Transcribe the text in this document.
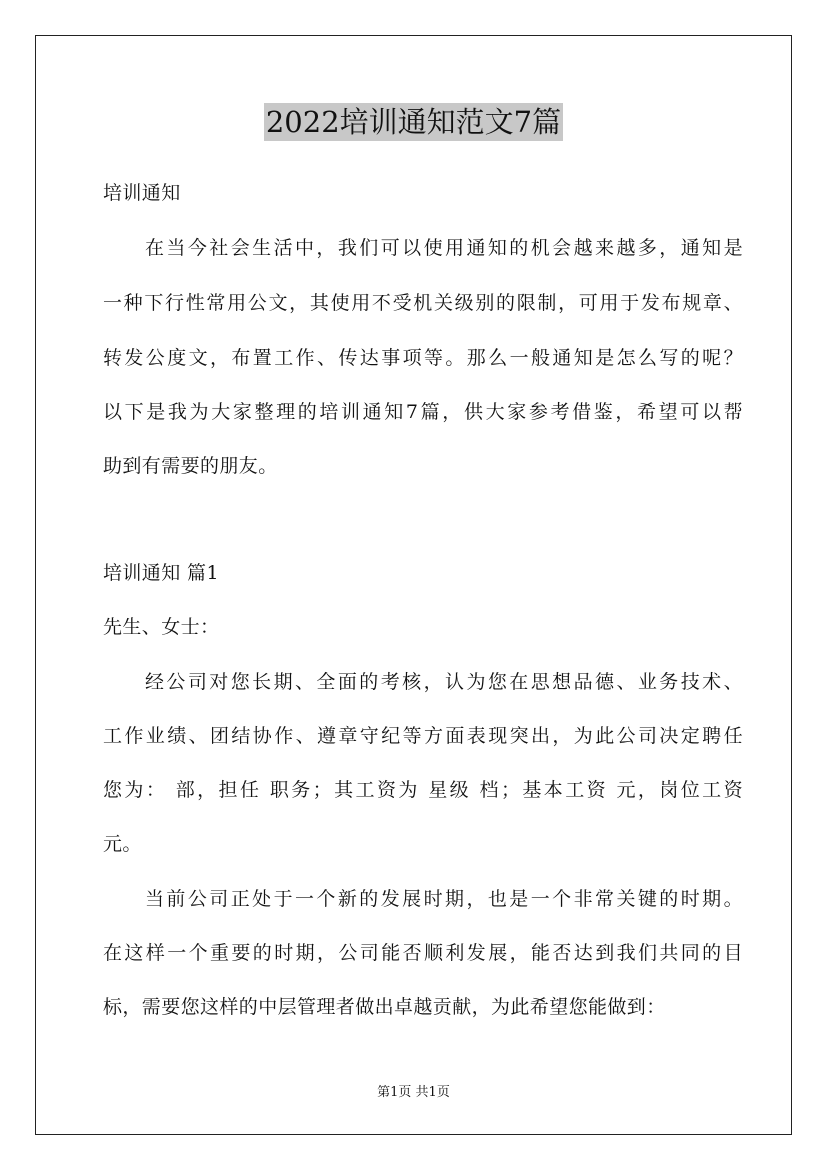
2022培训通知范文7篇
培训通知
在当今社会生活中，我们可以使用通知的机会越来越多，通知是
一种下行性常用公文，其使用不受机关级别的限制，可用于发布规章、
转发公度文，布置工作、传达事项等。那么一般通知是怎么写的呢？
以下是我为大家整理的培训通知7篇，供大家参考借鉴，希望可以帮
助到有需要的朋友。
培训通知 篇1
先生、女士：
经公司对您长期、全面的考核，认为您在思想品德、业务技术、
工作业绩、团结协作、遵章守纪等方面表现突出，为此公司决定聘任
您为： 部，担任 职务；其工资为 星级 档；基本工资 元，岗位工资
元。
当前公司正处于一个新的发展时期，也是一个非常关键的时期。
在这样一个重要的时期，公司能否顺利发展，能否达到我们共同的目
标，需要您这样的中层管理者做出卓越贡献，为此希望您能做到：
第1页 共1页
